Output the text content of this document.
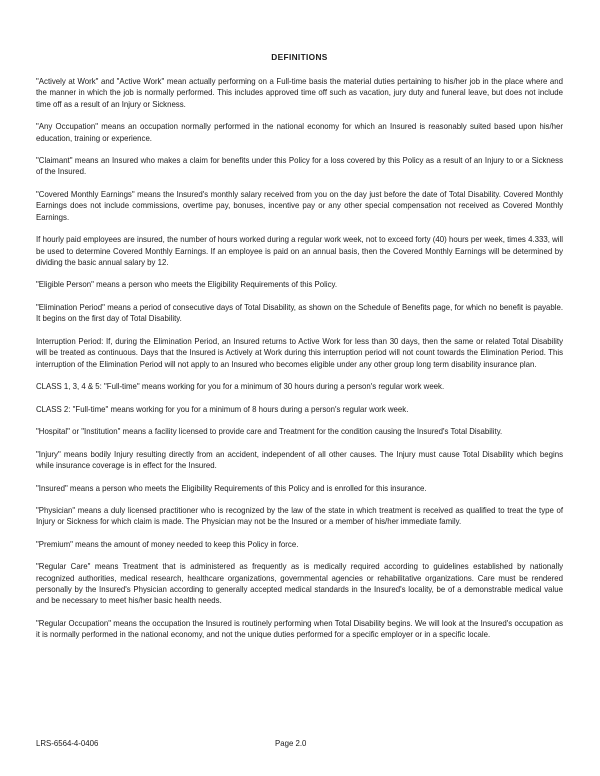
DEFINITIONS

"Actively at Work" and "Active Work" mean actually performing on a Full-time basis the material duties pertaining to his/her job in the place where and the manner in which the job is normally performed. This includes approved time off such as vacation, jury duty and funeral leave, but does not include time off as a result of an Injury or Sickness.

"Any Occupation" means an occupation normally performed in the national economy for which an Insured is reasonably suited based upon his/her education, training or experience.

"Claimant" means an Insured who makes a claim for benefits under this Policy for a loss covered by this Policy as a result of an Injury to or a Sickness of the Insured.

"Covered Monthly Earnings" means the Insured's monthly salary received from you on the day just before the date of Total Disability. Covered Monthly Earnings does not include commissions, overtime pay, bonuses, incentive pay or any other special compensation not received as Covered Monthly Earnings.

If hourly paid employees are insured, the number of hours worked during a regular work week, not to exceed forty (40) hours per week, times 4.333, will be used to determine Covered Monthly Earnings. If an employee is paid on an annual basis, then the Covered Monthly Earnings will be determined by dividing the basic annual salary by 12.

"Eligible Person" means a person who meets the Eligibility Requirements of this Policy.

"Elimination Period" means a period of consecutive days of Total Disability, as shown on the Schedule of Benefits page, for which no benefit is payable. It begins on the first day of Total Disability.

Interruption Period: If, during the Elimination Period, an Insured returns to Active Work for less than 30 days, then the same or related Total Disability will be treated as continuous. Days that the Insured is Actively at Work during this interruption period will not count towards the Elimination Period. This interruption of the Elimination Period will not apply to an Insured who becomes eligible under any other group long term disability insurance plan.

CLASS 1, 3, 4 & 5: "Full-time" means working for you for a minimum of 30 hours during a person's regular work week.

CLASS 2: "Full-time" means working for you for a minimum of 8 hours during a person's regular work week.

"Hospital" or "Institution" means a facility licensed to provide care and Treatment for the condition causing the Insured's Total Disability.

"Injury" means bodily Injury resulting directly from an accident, independent of all other causes. The Injury must cause Total Disability which begins while insurance coverage is in effect for the Insured.

"Insured" means a person who meets the Eligibility Requirements of this Policy and is enrolled for this insurance.

"Physician" means a duly licensed practitioner who is recognized by the law of the state in which treatment is received as qualified to treat the type of Injury or Sickness for which claim is made. The Physician may not be the Insured or a member of his/her immediate family.

"Premium" means the amount of money needed to keep this Policy in force.

"Regular Care" means Treatment that is administered as frequently as is medically required according to guidelines established by nationally recognized authorities, medical research, healthcare organizations, governmental agencies or rehabilitative organizations. Care must be rendered personally by the Insured's Physician according to generally accepted medical standards in the Insured's locality, be of a demonstrable medical value and be necessary to meet his/her basic health needs.

"Regular Occupation" means the occupation the Insured is routinely performing when Total Disability begins. We will look at the Insured's occupation as it is normally performed in the national economy, and not the unique duties performed for a specific employer or in a specific locale.

LRS-6564-4-0406	Page 2.0
